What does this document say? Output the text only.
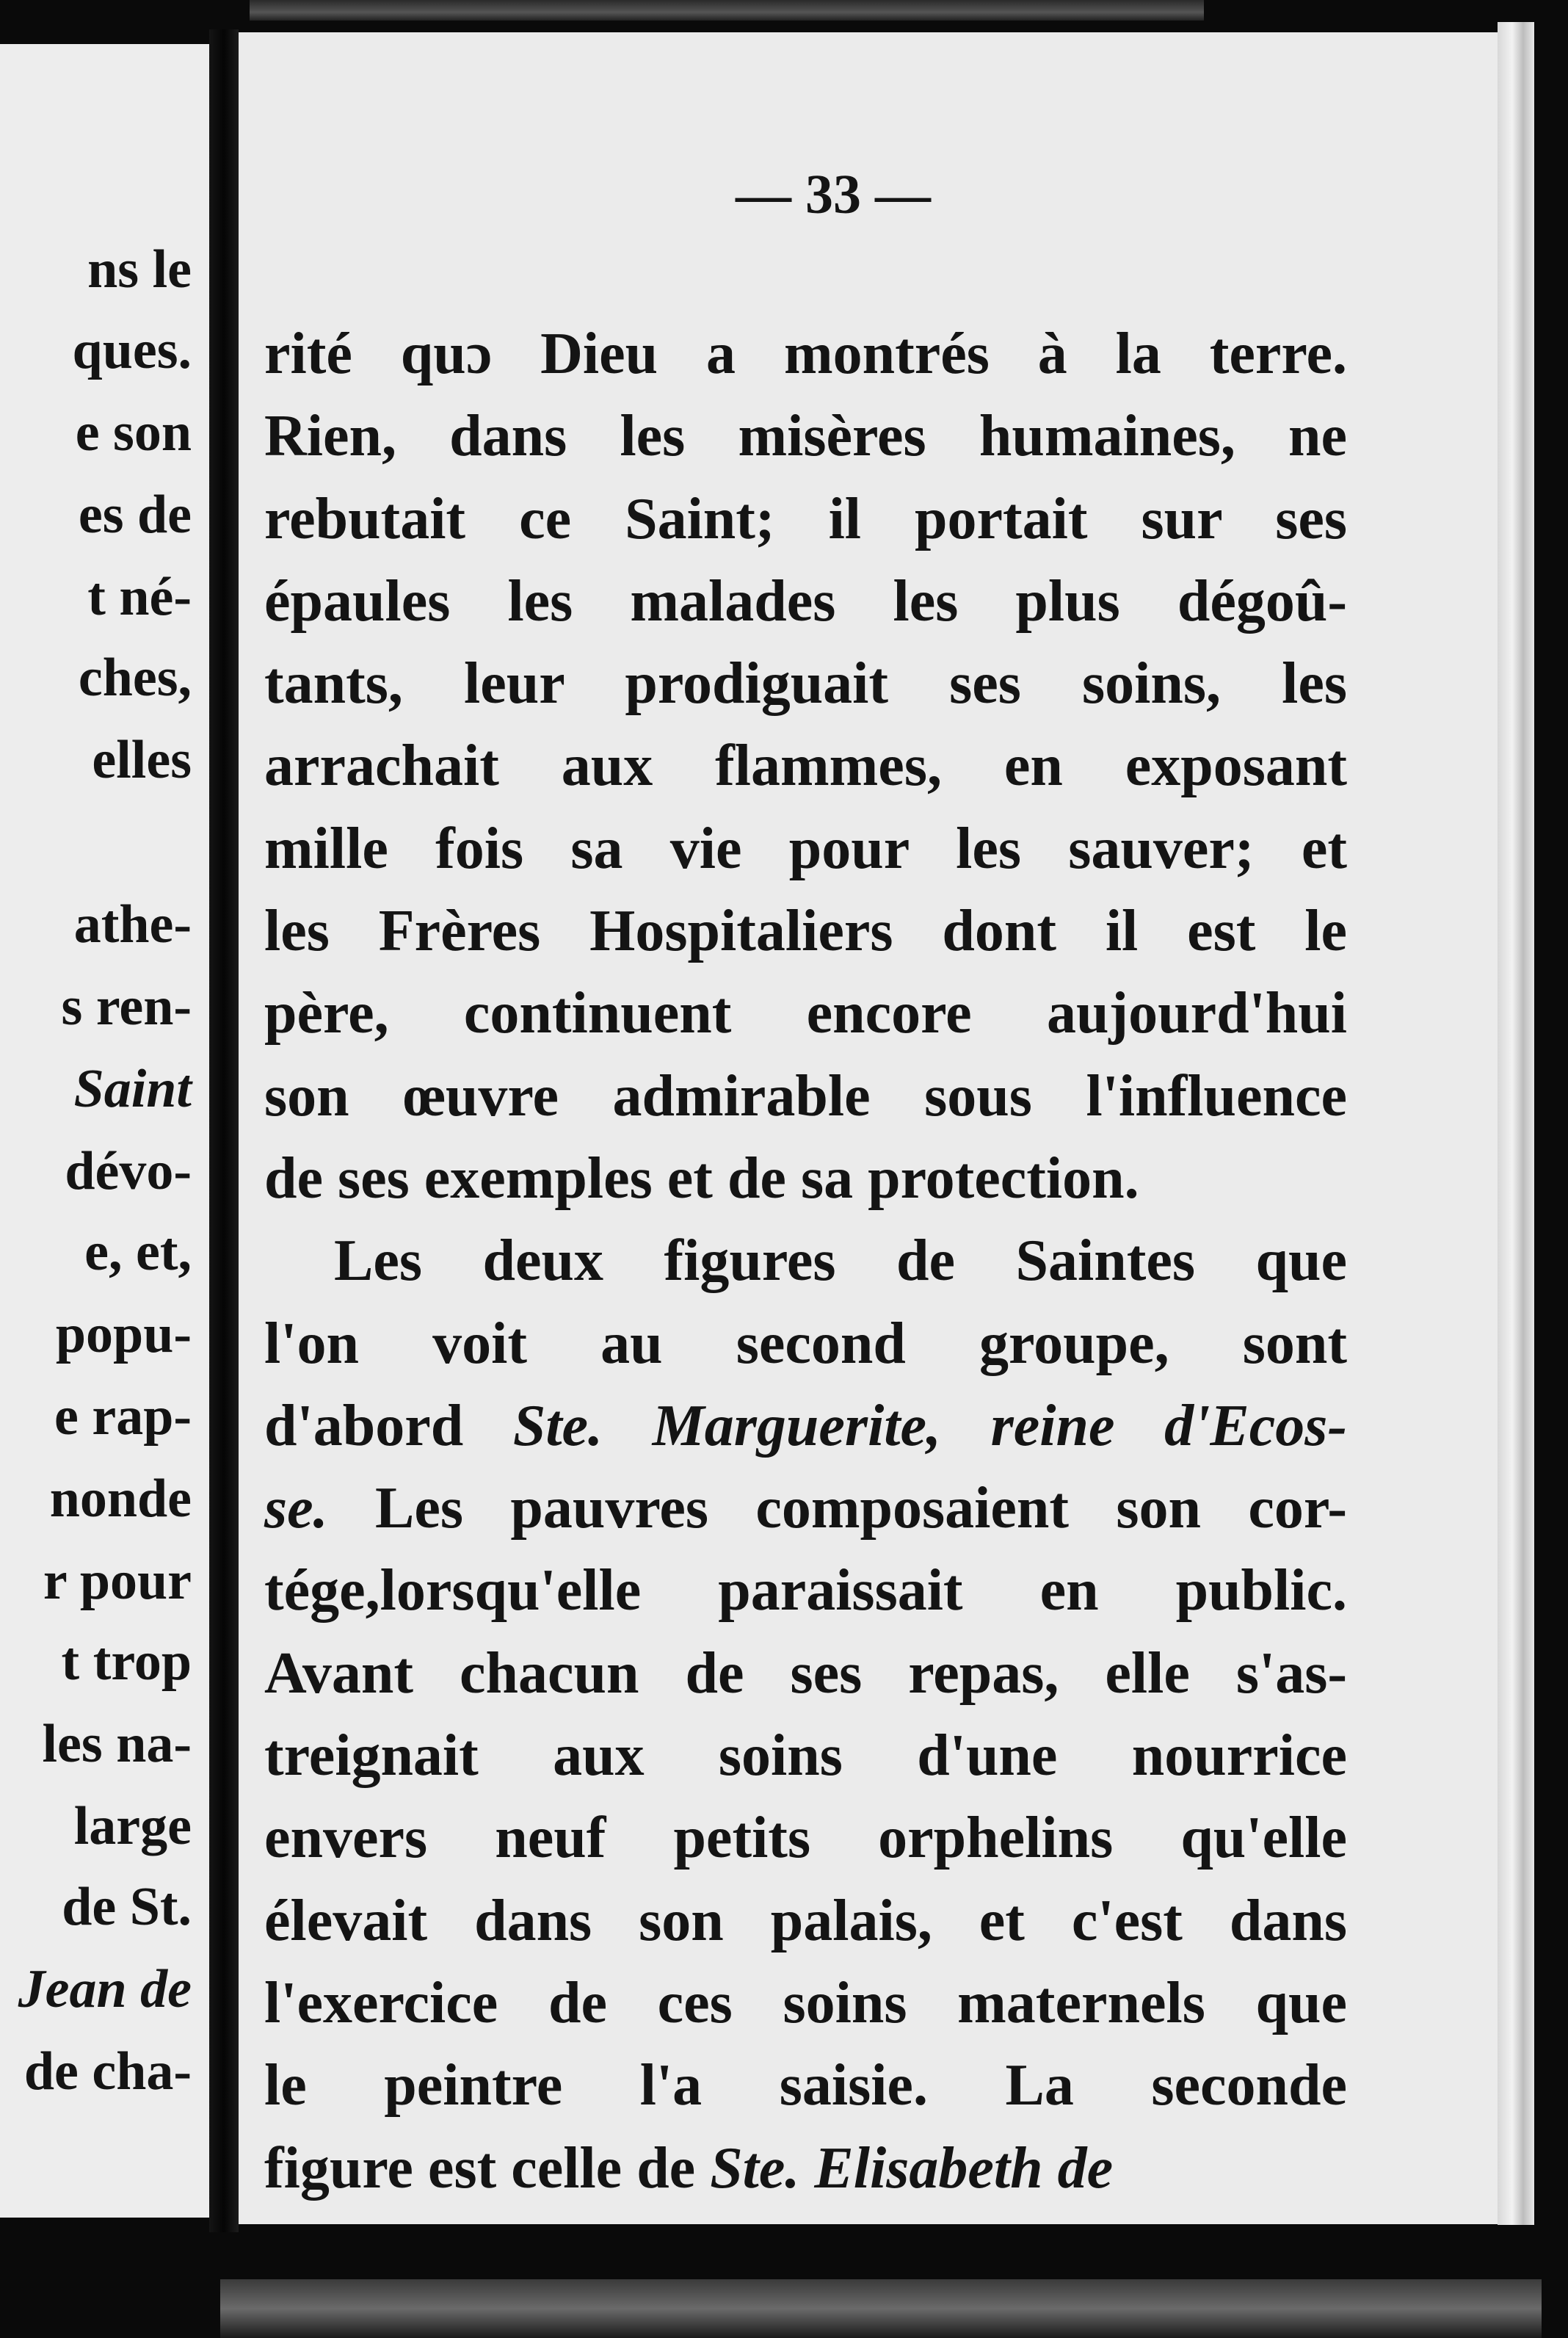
ns le
ques.
e son
es de
t né-
ches,
elles
athe-
s ren-
Saint
dévo-
e, et,
popu-
e rap-
nonde
r pour
t trop
les na-
large
de St.
Jean de
de cha-
— 33 —
rité quɔ Dieu a montrés à la terre.
Rien, dans les misères humaines, ne
rebutait ce Saint; il portait sur ses
épaules les malades les plus dégoû-
tants, leur prodiguait ses soins, les
arrachait aux flammes, en exposant
mille fois sa vie pour les sauver; et
les Frères Hospitaliers dont il est le
père, continuent encore aujourd'hui
son œuvre admirable sous l'influence
de ses exemples et de sa protection.
Les deux figures de Saintes que
l'on voit au second groupe, sont
d'abord Ste. Marguerite, reine d'Ecos-
se. Les pauvres composaient son cor-
tége,lorsqu'elle paraissait en public.
Avant chacun de ses repas, elle s'as-
treignait aux soins d'une nourrice
envers neuf petits orphelins qu'elle
élevait dans son palais, et c'est dans
l'exercice de ces soins maternels que
le peintre l'a saisie. La seconde
figure est celle de Ste. Elisabeth de
